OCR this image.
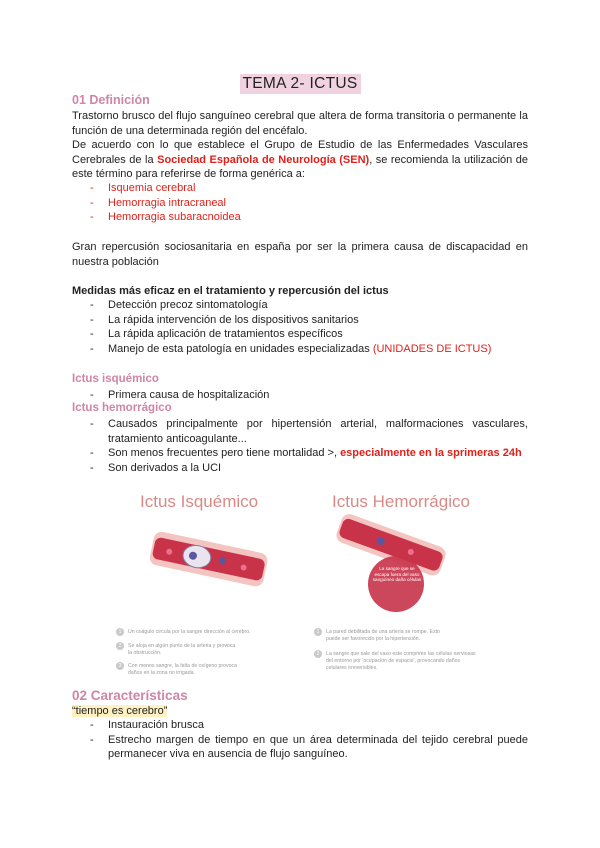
TEMA 2- ICTUS
01 Definición
Trastorno brusco del flujo sanguíneo cerebral que altera de forma transitoria o permanente la función de una determinada región del encéfalo.
De acuerdo con lo que establece el Grupo de Estudio de las Enfermedades Vasculares Cerebrales de la Sociedad Española de Neurología (SEN), se recomienda la utilización de este término para referirse de forma genérica a:
- Isquemia cerebral
- Hemorragia intracraneal
- Hemorragia subaracnoidea
Gran repercusión sociosanitaria en españa por ser la primera causa de discapacidad en nuestra población
Medidas más eficaz en el tratamiento y repercusión del ictus
- Detección precoz sintomatología
- La rápida intervención de los dispositivos sanitarios
- La rápida aplicación de tratamientos específicos
- Manejo de esta patología en unidades especializadas (UNIDADES DE ICTUS)
Ictus isquémico
- Primera causa de hospitalización
Ictus hemorrágico
- Causados principalmente por hipertensión arterial, malformaciones vasculares, tratamiento anticoagulante...
- Son menos frecuentes pero tiene mortalidad >, especialmente en la sprimeras 24h
- Son derivados a la UCI
Ictus Isquémico	Ictus Hemorrágico
La sangre que se escapa fuera del vaso sanguíneo daña células
1	Un coágulo circula por la sangre dirección al cerebro.
2	Se aloja en algún punto de la arteria y provoca la obstrucción.
3	Con menos sangre, la falta de oxígeno provoca daños en la zona no irrigada.
1	La pared debilitada de una arteria se rompe. Esto puede ser favorecido por la hipertensión.
2	La sangre que sale del vaso este comprime las células nerviosas del entorno por 'ocupación de espacio', provocando daños celulares irreversibles.
02 Características
“tiempo es cerebro”
- Instauración brusca
- Estrecho margen de tiempo en que un área determinada del tejido cerebral puede permanecer viva en ausencia de flujo sanguíneo.
